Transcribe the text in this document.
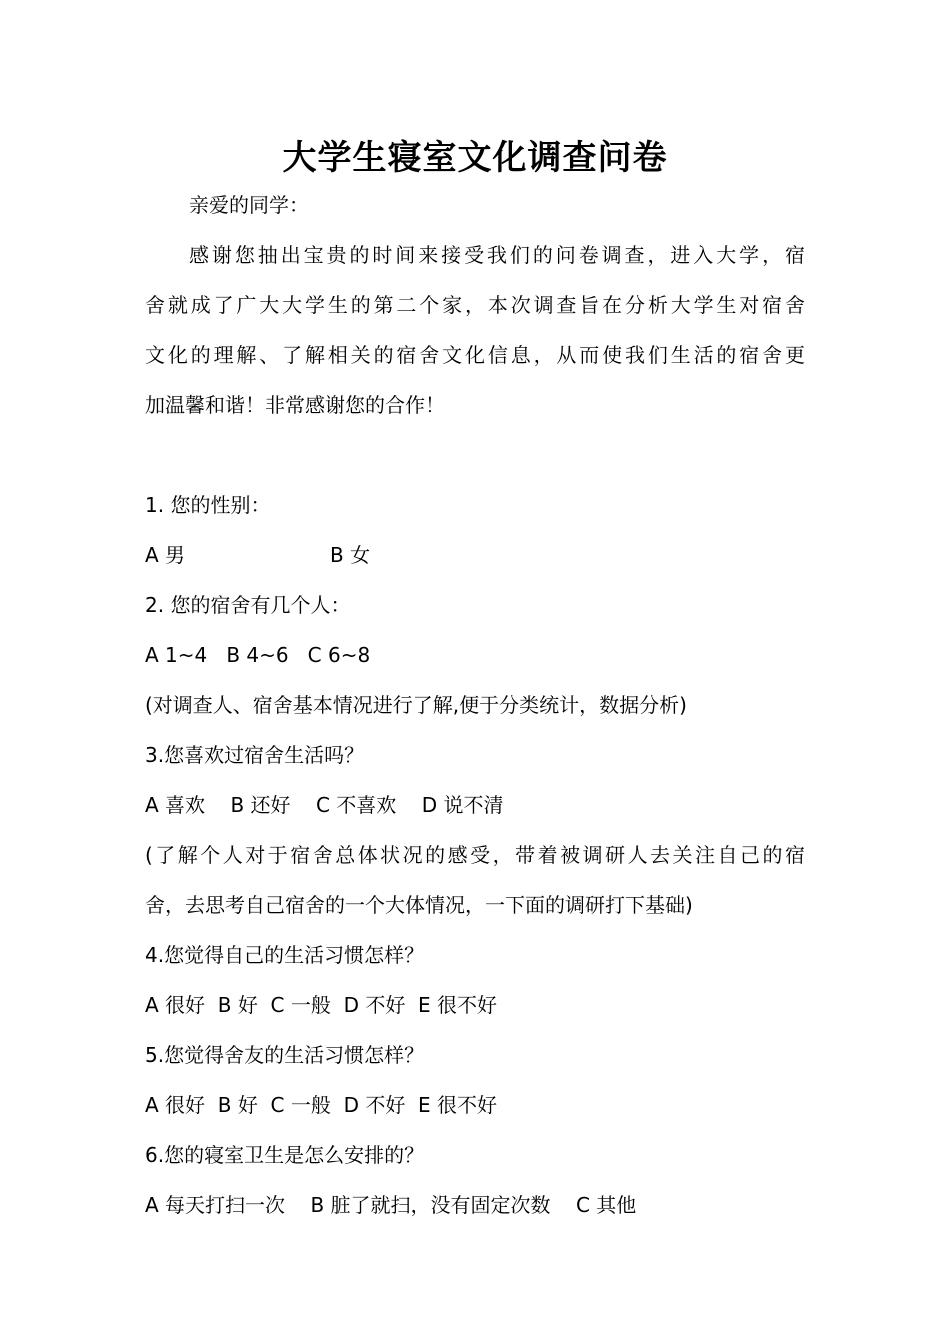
大学生寝室文化调查问卷

亲爱的同学：

感谢您抽出宝贵的时间来接受我们的问卷调查，进入大学，宿

舍就成了广大大学生的第二个家，本次调查旨在分析大学生对宿舍

文化的理解、了解相关的宿舍文化信息，从而使我们生活的宿舍更

加温馨和谐！非常感谢您的合作！

1. 您的性别：

A 男	B 女

2. 您的宿舍有几个人：

A 1~4   B 4~6   C 6~8

(对调查人、宿舍基本情况进行了解,便于分类统计，数据分析)

3.您喜欢过宿舍生活吗？

A 喜欢    B 还好    C 不喜欢    D 说不清

(了解个人对于宿舍总体状况的感受，带着被调研人去关注自己的宿

舍，去思考自己宿舍的一个大体情况，一下面的调研打下基础)

4.您觉得自己的生活习惯怎样？

A 很好  B 好  C 一般  D 不好  E 很不好

5.您觉得舍友的生活习惯怎样？

A 很好  B 好  C 一般  D 不好  E 很不好

6.您的寝室卫生是怎么安排的？

A 每天打扫一次    B 脏了就扫，没有固定次数    C 其他
